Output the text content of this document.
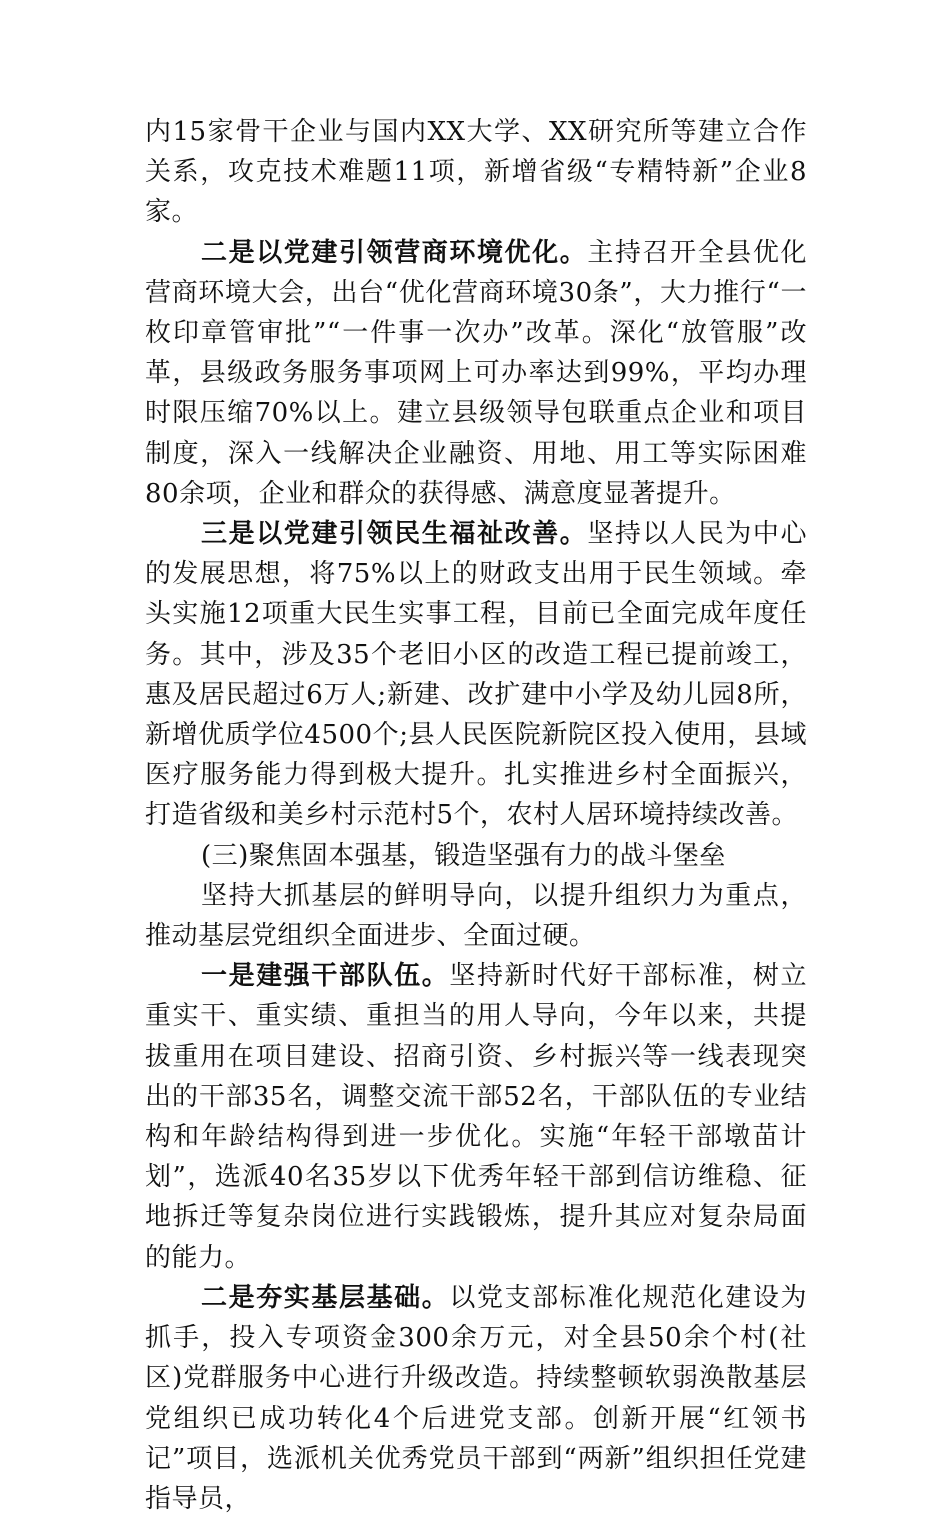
内15家骨干企业与国内XX大学、XX研究所等建立合作关系，攻克技术难题11项，新增省级“专精特新”企业8家。

二是以党建引领营商环境优化。主持召开全县优化营商环境大会，出台“优化营商环境30条”，大力推行“一枚印章管审批”“一件事一次办”改革。深化“放管服”改革，县级政务服务事项网上可办率达到99%，平均办理时限压缩70%以上。建立县级领导包联重点企业和项目制度，深入一线解决企业融资、用地、用工等实际困难80余项，企业和群众的获得感、满意度显著提升。

三是以党建引领民生福祉改善。坚持以人民为中心的发展思想，将75%以上的财政支出用于民生领域。牵头实施12项重大民生实事工程，目前已全面完成年度任务。其中，涉及35个老旧小区的改造工程已提前竣工，惠及居民超过6万人;新建、改扩建中小学及幼儿园8所，新增优质学位4500个;县人民医院新院区投入使用，县域医疗服务能力得到极大提升。扎实推进乡村全面振兴，打造省级和美乡村示范村5个，农村人居环境持续改善。

(三)聚焦固本强基，锻造坚强有力的战斗堡垒

坚持大抓基层的鲜明导向，以提升组织力为重点，推动基层党组织全面进步、全面过硬。

一是建强干部队伍。坚持新时代好干部标准，树立重实干、重实绩、重担当的用人导向，今年以来，共提拔重用在项目建设、招商引资、乡村振兴等一线表现突出的干部35名，调整交流干部52名，干部队伍的专业结构和年龄结构得到进一步优化。实施“年轻干部墩苗计划”，选派40名35岁以下优秀年轻干部到信访维稳、征地拆迁等复杂岗位进行实践锻炼，提升其应对复杂局面的能力。

二是夯实基层基础。以党支部标准化规范化建设为抓手，投入专项资金300余万元，对全县50余个村(社区)党群服务中心进行升级改造。持续整顿软弱涣散基层党组织已成功转化4个后进党支部。创新开展“红领书记”项目，选派机关优秀党员干部到“两新”组织担任党建指导员，
